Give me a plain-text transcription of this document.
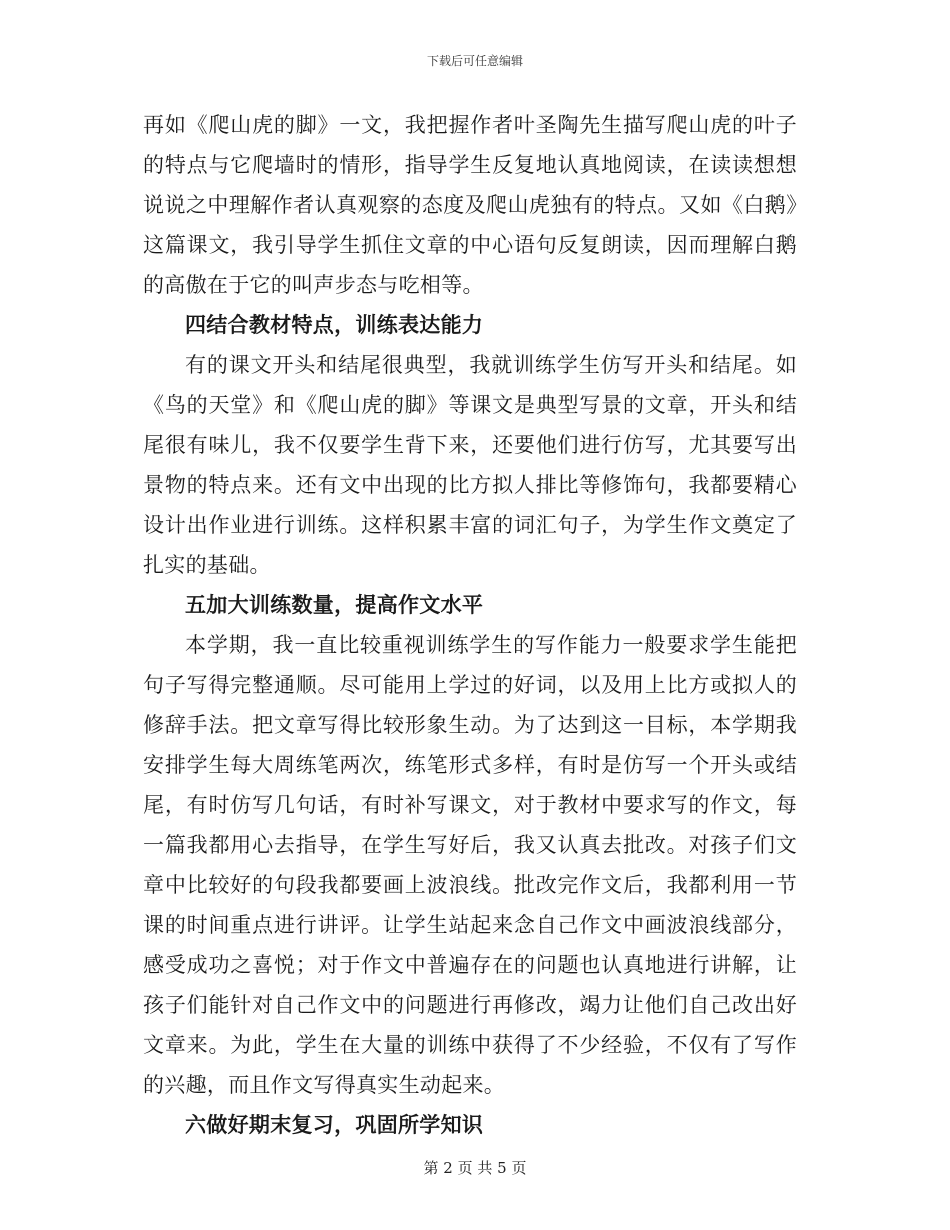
下载后可任意编辑

再如《爬山虎的脚》一文，我把握作者叶圣陶先生描写爬山虎的叶子的特点与它爬墙时的情形，指导学生反复地认真地阅读，在读读想想说说之中理解作者认真观察的态度及爬山虎独有的特点。又如《白鹅》这篇课文，我引导学生抓住文章的中心语句反复朗读，因而理解白鹅的高傲在于它的叫声步态与吃相等。

四结合教材特点，训练表达能力

有的课文开头和结尾很典型，我就训练学生仿写开头和结尾。如《鸟的天堂》和《爬山虎的脚》等课文是典型写景的文章，开头和结尾很有味儿，我不仅要学生背下来，还要他们进行仿写，尤其要写出景物的特点来。还有文中出现的比方拟人排比等修饰句，我都要精心设计出作业进行训练。这样积累丰富的词汇句子，为学生作文奠定了扎实的基础。

五加大训练数量，提高作文水平

本学期，我一直比较重视训练学生的写作能力一般要求学生能把句子写得完整通顺。尽可能用上学过的好词，以及用上比方或拟人的修辞手法。把文章写得比较形象生动。为了达到这一目标，本学期我安排学生每大周练笔两次，练笔形式多样，有时是仿写一个开头或结尾，有时仿写几句话，有时补写课文，对于教材中要求写的作文，每一篇我都用心去指导，在学生写好后，我又认真去批改。对孩子们文章中比较好的句段我都要画上波浪线。批改完作文后，我都利用一节课的时间重点进行讲评。让学生站起来念自己作文中画波浪线部分，感受成功之喜悦；对于作文中普遍存在的问题也认真地进行讲解，让孩子们能针对自己作文中的问题进行再修改，竭力让他们自己改出好文章来。为此，学生在大量的训练中获得了不少经验，不仅有了写作的兴趣，而且作文写得真实生动起来。

六做好期末复习，巩固所学知识

第 2 页 共 5 页
